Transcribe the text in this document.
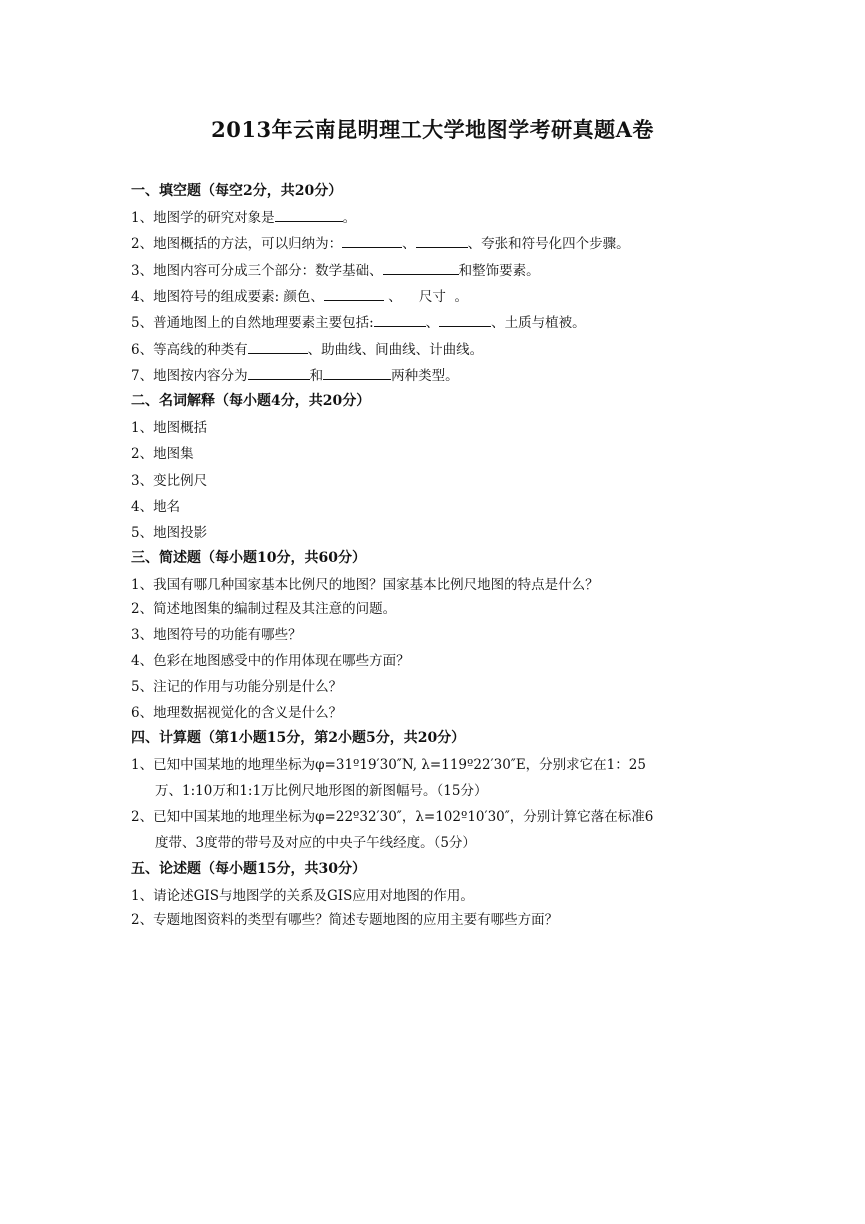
2013年云南昆明理工大学地图学考研真题A卷
一、填空题（每空2分，共20分）
1、地图学的研究对象是	。
2、地图概括的方法，可以归纳为：	、	、夸张和符号化四个步骤。
3、地图内容可分成三个部分：数学基础、	和整饰要素。
4、地图符号的组成要素: 颜色、	、    尺寸  。
5、普通地图上的自然地理要素主要包括:	、	、土质与植被。
6、等高线的种类有	、助曲线、间曲线、计曲线。
7、地图按内容分为	和	两种类型。
二、名词解释（每小题4分，共20分）
1、地图概括
2、地图集
3、变比例尺
4、地名
5、地图投影
三、简述题（每小题10分，共60分）
1、我国有哪几种国家基本比例尺的地图？国家基本比例尺地图的特点是什么？
2、简述地图集的编制过程及其注意的问题。
3、地图符号的功能有哪些？
4、色彩在地图感受中的作用体现在哪些方面？
5、注记的作用与功能分别是什么？
6、地理数据视觉化的含义是什么？
四、计算题（第1小题15分，第2小题5分，共20分）
1、已知中国某地的地理坐标为φ=31º19′30″N, λ=119º22′30″E，分别求它在1：25
万、1:10万和1:1万比例尺地形图的新图幅号。（15分）
2、已知中国某地的地理坐标为φ=22º32′30″，λ=102º10′30″，分别计算它落在标准6
度带、3度带的带号及对应的中央子午线经度。（5分）
五、论述题（每小题15分，共30分）
1、请论述GIS与地图学的关系及GIS应用对地图的作用。
2、专题地图资料的类型有哪些？简述专题地图的应用主要有哪些方面？
